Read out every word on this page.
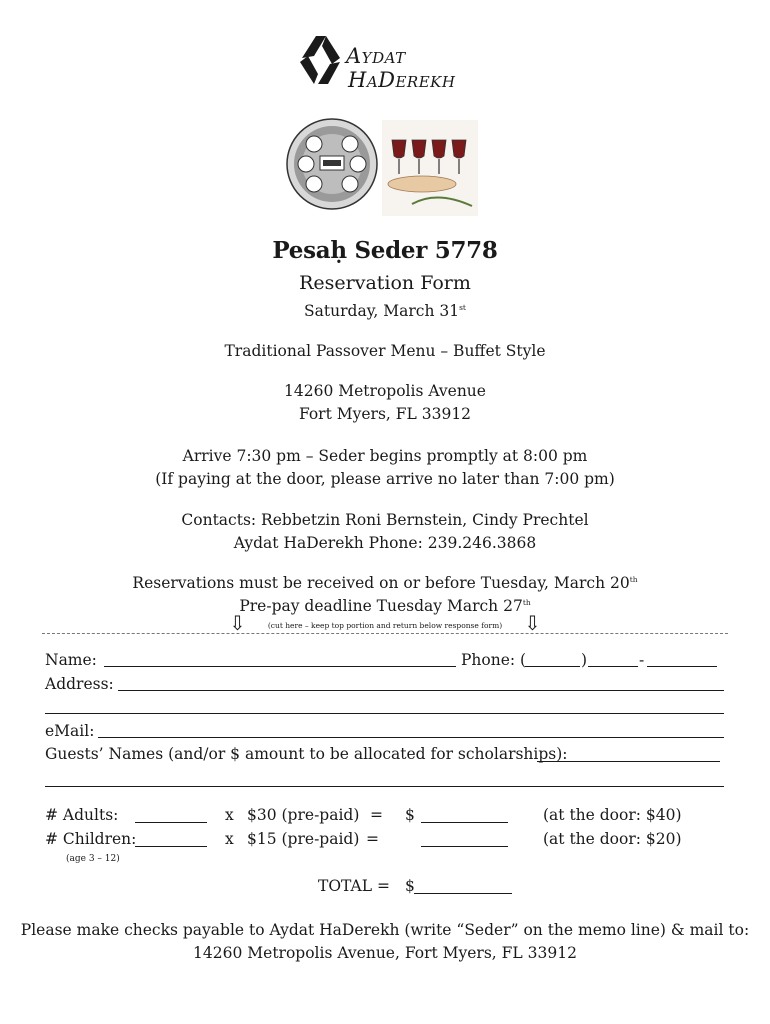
Aydat
HaDerekh
Pesaḥ Seder 5778
Reservation Form
Saturday, March 31st
Traditional Passover Menu – Buffet Style
14260 Metropolis Avenue
Fort Myers, FL 33912
Arrive 7:30 pm – Seder begins promptly at 8:00 pm
(If paying at the door, please arrive no later than 7:00 pm)
Contacts: Rebbetzin Roni Bernstein, Cindy Prechtel
Aydat HaDerekh Phone: 239.246.3868
Reservations must be received on or before Tuesday, March 20th
Pre-pay deadline Tuesday March 27th
⇩	⇩
(cut here – keep top portion and return below response form)
Name:	Phone: (	)	-
Address:
eMail:
Guests’ Names (and/or $ amount to be allocated for scholarships):
# Adults:	x $30 (pre-paid) = $	(at the door: $40)
# Children:	x $15 (pre-paid) =	(at the door: $20)
(age 3 – 12)
TOTAL = $
Please make checks payable to Aydat HaDerekh (write “Seder” on the memo line) & mail to:
14260 Metropolis Avenue, Fort Myers, FL 33912
